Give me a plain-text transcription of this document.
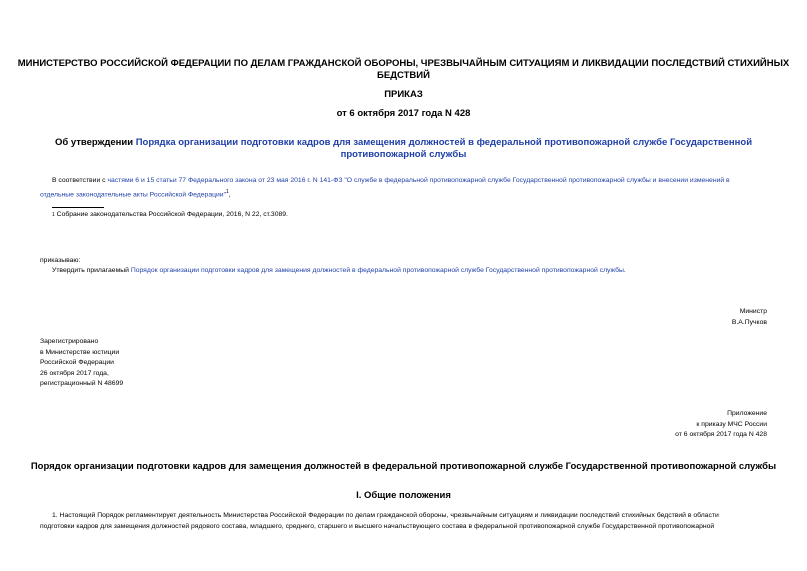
МИНИСТЕРСТВО РОССИЙСКОЙ ФЕДЕРАЦИИ ПО ДЕЛАМ ГРАЖДАНСКОЙ ОБОРОНЫ, ЧРЕЗВЫЧАЙНЫМ СИТУАЦИЯМ И ЛИКВИДАЦИИ ПОСЛЕДСТВИЙ СТИХИЙНЫХ
БЕДСТВИЙ
ПРИКАЗ
от 6 октября 2017 года N 428
Об утверждении Порядка организации подготовки кадров для замещения должностей в федеральной противопожарной службе Государственной
противопожарной службы
В соответствии с частями 6 и 15 статьи 77 Федерального закона от 23 мая 2016 г. N 141-ФЗ "О службе в федеральной противопожарной службе Государственной противопожарной службы и внесении изменений в
отдельные законодательные акты Российской Федерации"$^1$,
$^1$ Собрание законодательства Российской Федерации, 2016, N 22, ст.3089.
приказываю:
Утвердить прилагаемый Порядок организации подготовки кадров для замещения должностей в федеральной противопожарной службе Государственной противопожарной службы.
Министр
В.А.Пучков
Зарегистрировано
в Министерстве юстиции
Российской Федерации
26 октября 2017 года,
регистрационный N 48699
Приложение
к приказу МЧС России
от 6 октября 2017 года N 428
Порядок организации подготовки кадров для замещения должностей в федеральной противопожарной службе Государственной противопожарной службы
I. Общие положения
1. Настоящий Порядок регламентирует деятельность Министерства Российской Федерации по делам гражданской обороны, чрезвычайным ситуациям и ликвидации последствий стихийных бедствий в области
подготовки кадров для замещения должностей рядового состава, младшего, среднего, старшего и высшего начальствующего состава в федеральной противопожарной службе Государственной противопожарной
